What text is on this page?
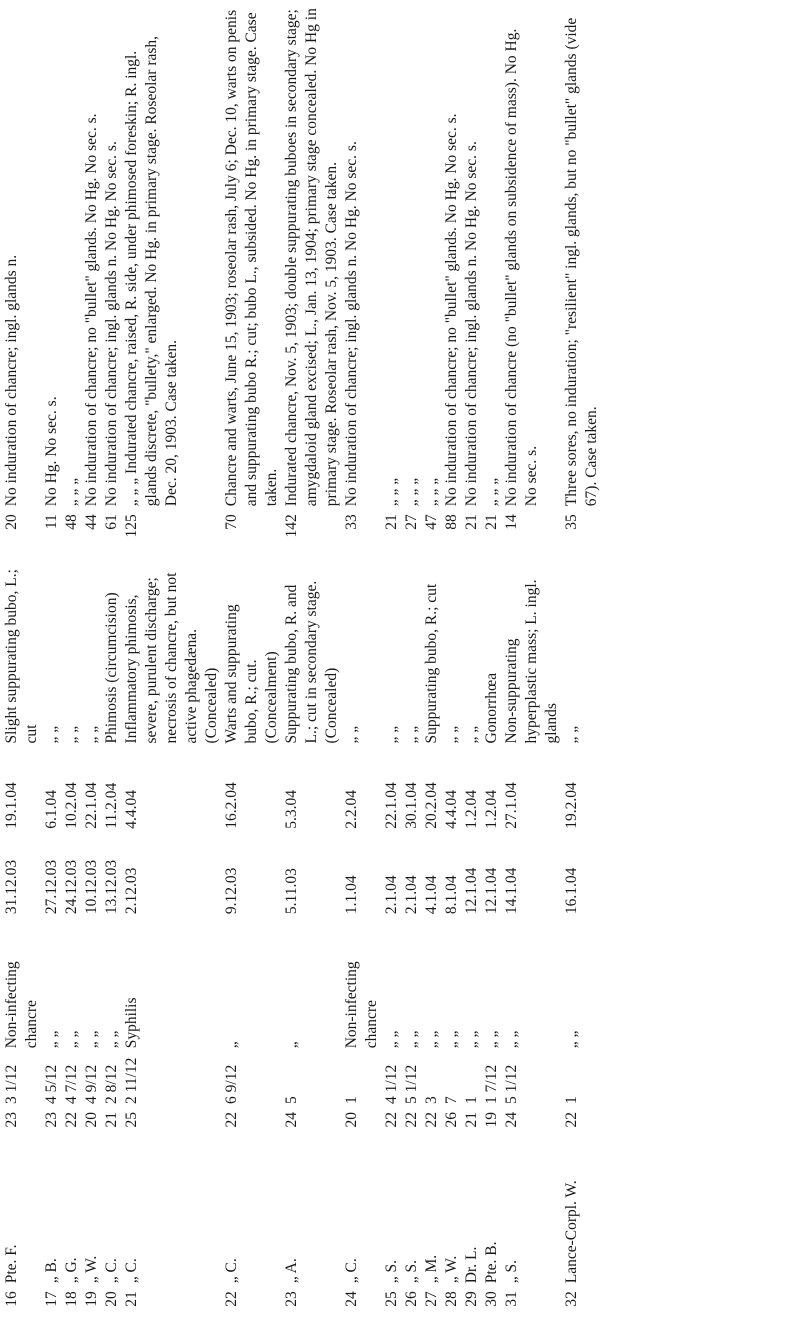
16	Pte. F.	23	3 1/12	Non-infecting chancre	31.12.03	19.1.04	Slight suppurating bubo, L.; cut	20	No induration of chancre; ingl. glands n.
17	„ B.	23	4 5/12	„ „	27.12.03	6.1.04	„ „	11	No Hg. No sec. s.
18	„ G.	22	4 7/12	„ „	24.12.03	10.2.04	„ „	48	„ „ „
19	„ W.	20	4 9/12	„ „	10.12.03	22.1.04	„ „	44	No induration of chancre; no "bullet" glands. No Hg. No sec. s.
20	„ C.	21	2 8/12	„ „	13.12.03	11.2.04	Phimosis (circumcision)	61	No induration of chancre; ingl. glands n. No Hg. No sec. s.
21	„ C.	25	2 11/12	Syphilis	2.12.03	4.4.04	Inflammatory phimosis, severe, purulent discharge; necrosis of chancre, but not active phagedæna. (Concealed)	125	„ „ „ Indurated chancre, raised, R. side, under phimosed foreskin; R. ingl. glands discrete, "bullety," enlarged. No Hg. in primary stage. Roseolar rash, Dec. 20, 1903. Case taken.
22	„ C.	22	6 9/12	„	9.12.03	16.2.04	Warts and suppurating bubo, R.; cut. (Concealment)	70	Chancre and warts, June 15, 1903; roseolar rash, July 6; Dec. 10, warts on penis and suppurating bubo R.; cut; bubo L., subsided. No Hg. in primary stage. Case taken.
23	„ A.	24	5	„	5.11.03	5.3.04	Suppurating bubo, R. and L.; cut in secondary stage. (Concealed)	142	Indurated chancre, Nov. 5, 1903; double suppurating buboes in secondary stage; amygdaloid gland excised; L., Jan. 13, 1904; primary stage concealed. No Hg in primary stage. Roseolar rash, Nov. 5, 1903. Case taken.
24	„ C.	20	1	Non-infecting chancre	1.1.04	2.2.04	„ „	33	No induration of chancre; ingl. glands n. No Hg. No sec. s.
25	„ S.	22	4 1/12	„ „	2.1.04	22.1.04	„ „	21	„ „ „
26	„ S.	22	5 1/12	„ „	2.1.04	30.1.04	„ „	27	„ „ „
27	„ M.	22	3	„ „	4.1.04	20.2.04	Suppurating bubo, R.; cut	47	„ „ „
28	„ W.	26	7	„ „	8.1.04	4.4.04	„ „	88	No induration of chancre; no "bullet" glands. No Hg. No sec. s.
29	Dr. L.	21	1	„ „	12.1.04	1.2.04	„ „	21	No induration of chancre; ingl. glands n. No Hg. No sec. s.
30	Pte. B.	19	1 7/12	„ „	12.1.04	1.2.04	Gonorrhœa	21	„ „ „
31	„ S.	24	5 1/12	„ „	14.1.04	27.1.04	Non-suppurating hyperplastic mass; L. ingl. glands	14	No induration of chancre (no "bullet" glands on subsidence of mass). No Hg. No sec. s.
32	Lance-Corpl. W.	22	1	„ „	16.1.04	19.2.04	„ „	35	Three sores, no induration; "resilient" ingl. glands, but no "bullet" glands (vide 67). Case taken.
